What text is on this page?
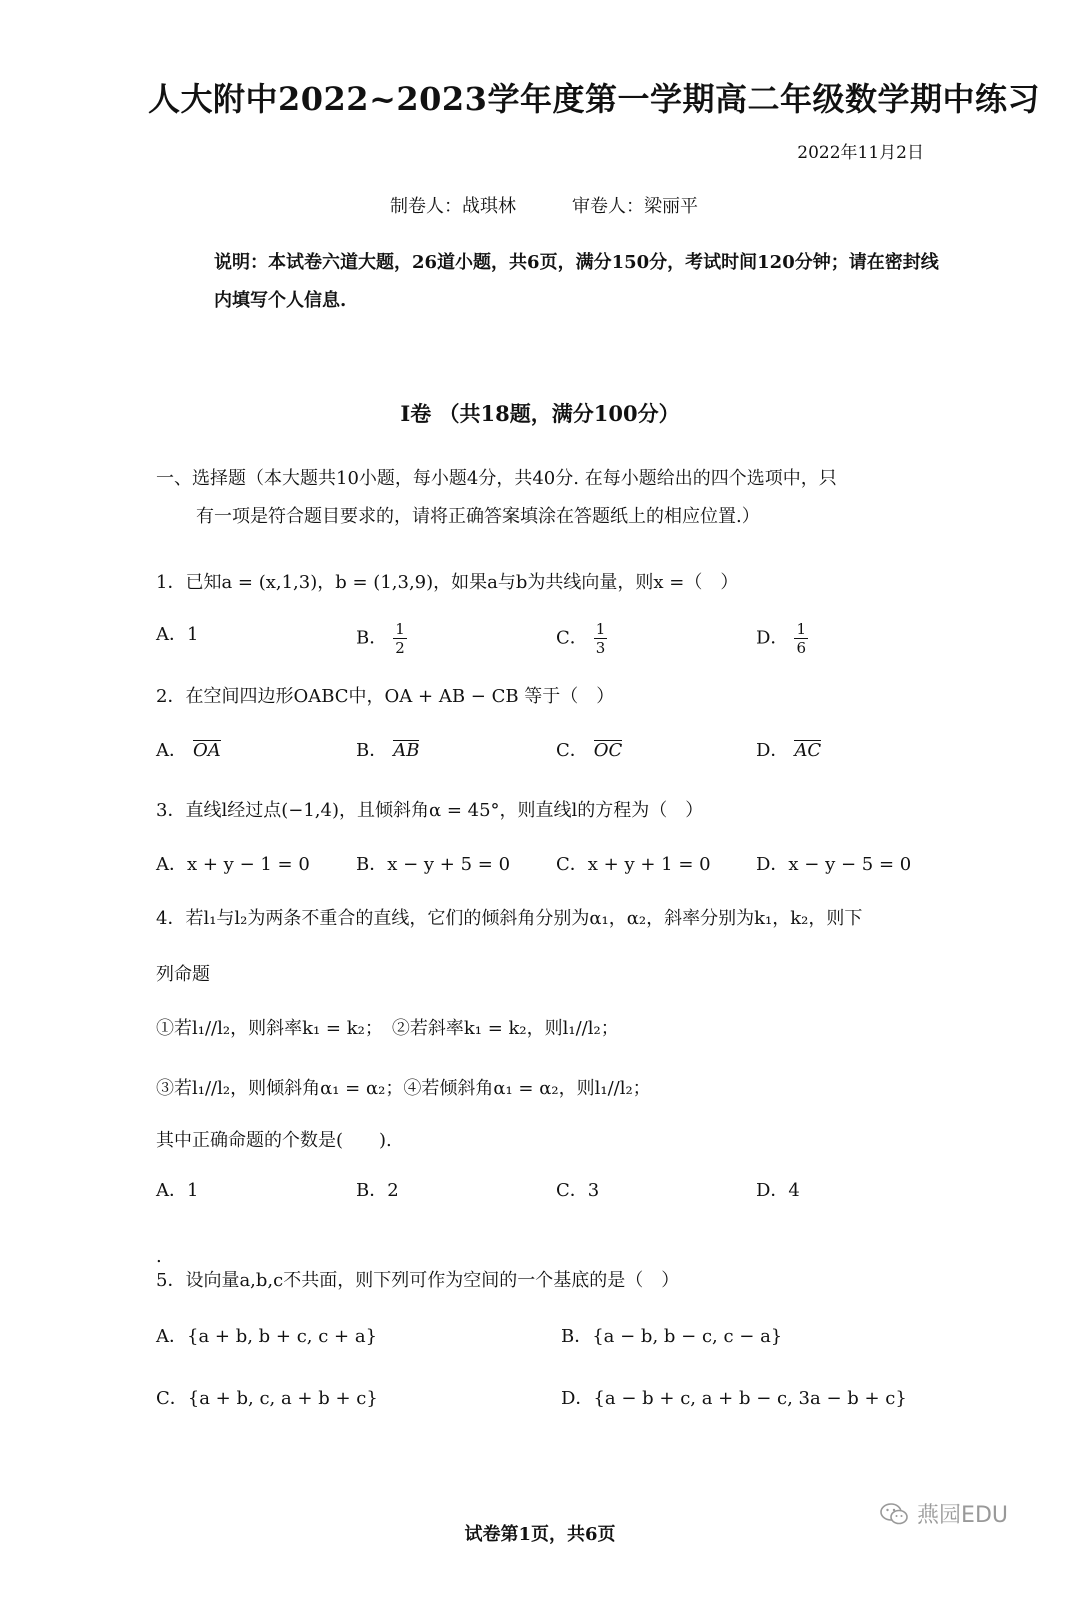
人大附中2022~2023学年度第一学期高二年级数学期中练习
2022年11月2日
制卷人：战琪林	审卷人：梁丽平
说明：本试卷六道大题，26道小题，共6页，满分150分，考试时间120分钟；请在密封线内填写个人信息.
Ⅰ卷 （共18题，满分100分）
一、选择题（本大题共10小题，每小题4分，共40分. 在每小题给出的四个选项中，只
有一项是符合题目要求的，请将正确答案填涂在答题纸上的相应位置.）
1．已知a = (x,1,3)，b = (1,3,9)，如果a与b为共线向量，则x =（　）
A．1	B． $\frac{1}{2}$	C． $\frac{1}{3}$	D． $\frac{1}{6}$
2．在空间四边形OABC中，OA + AB − CB 等于（　）
A． OA	B． AB	C． OC	D． AC
3．直线l经过点(−1,4)，且倾斜角α = 45°，则直线l的方程为（　）
A．x + y − 1 = 0	B．x − y + 5 = 0	C．x + y + 1 = 0	D．x − y − 5 = 0
4．若l₁与l₂为两条不重合的直线，它们的倾斜角分别为α₁，α₂，斜率分别为k₁，k₂，则下
列命题
①若l₁//l₂，则斜率k₁ = k₂；　②若斜率k₁ = k₂，则l₁//l₂；
③若l₁//l₂，则倾斜角α₁ = α₂；④若倾斜角α₁ = α₂，则l₁//l₂；
其中正确命题的个数是(　　).
A．1	B．2	C．3	D．4
.
5．设向量a,b,c不共面，则下列可作为空间的一个基底的是（　）
A．{a + b, b + c, c + a}	B．{a − b, b − c, c − a}
C．{a + b, c, a + b + c}	D．{a − b + c, a + b − c, 3a − b + c}
试卷第1页，共6页
燕园EDU
